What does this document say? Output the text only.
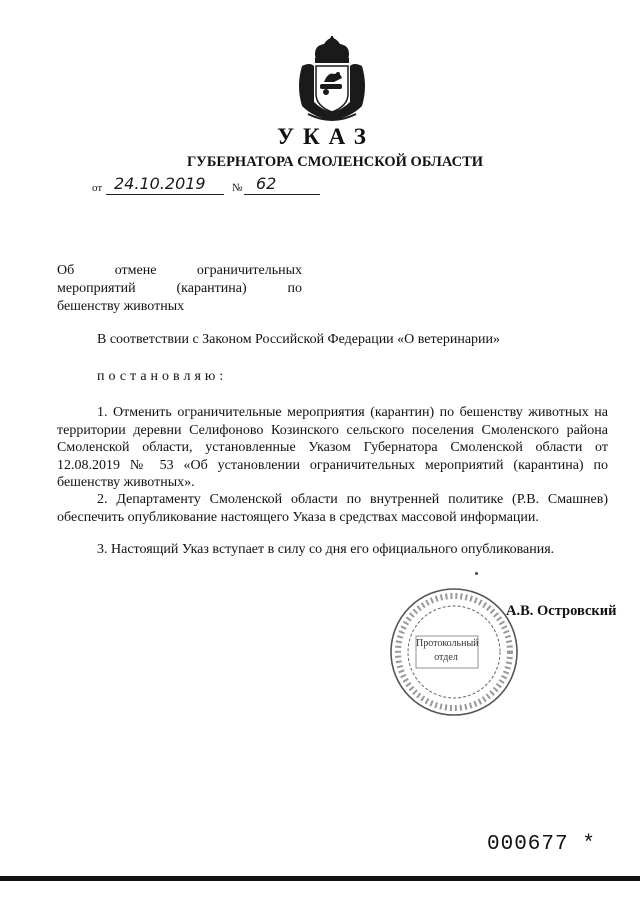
УКАЗ
ГУБЕРНАТОРА СМОЛЕНСКОЙ ОБЛАСТИ
от 24.10.2019 № 62
Об отмене ограничительных
мероприятий (карантина) по
бешенству животных
В соответствии с Законом Российской Федерации «О ветеринарии»
постановляю:
1. Отменить ограничительные мероприятия (карантин) по бешенству животных на территории деревни Селифоново Козинского сельского поселения Смоленского района Смоленской области, установленные Указом Губернатора Смоленской области от 12.08.2019 № 53 «Об установлении ограничительных мероприятий (карантина) по бешенству животных».
2. Департаменту Смоленской области по внутренней политике (Р.В. Смашнев) обеспечить опубликование настоящего Указа в средствах массовой информации.
3. Настоящий Указ вступает в силу со дня его официального опубликования.
Протокольный
отдел
А.В. Островский
000677 *
